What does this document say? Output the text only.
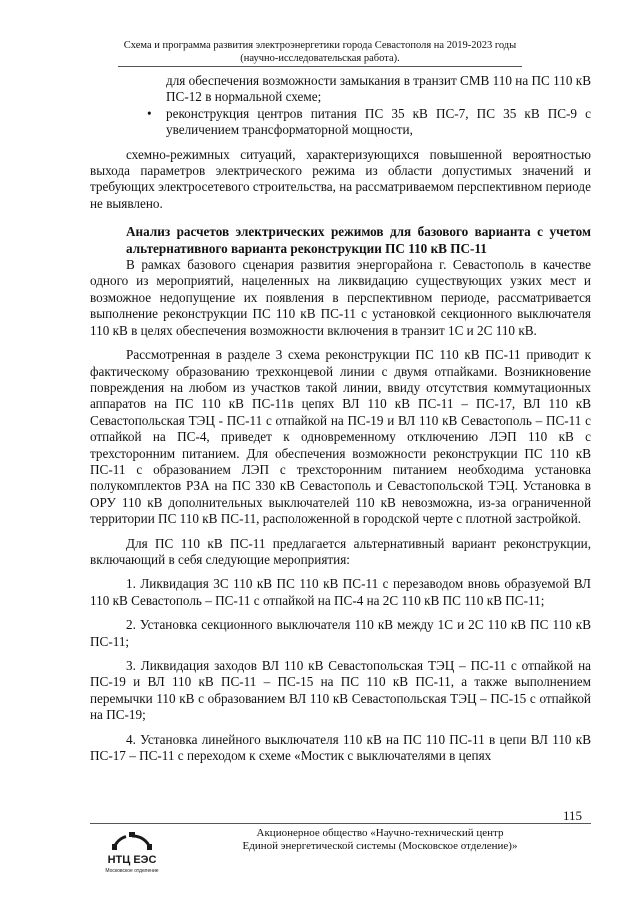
Схема и программа развития электроэнергетики города Севастополя на 2019-2023 годы
(научно-исследовательская работа).

для обеспечения возможности замыкания в транзит СМВ 110 на ПС 110 кВ ПС-12 в нормальной схеме;

• реконструкция центров питания ПС 35 кВ ПС-7, ПС 35 кВ ПС-9 с увеличением трансформаторной мощности,

схемно-режимных ситуаций, характеризующихся повышенной вероятностью выхода параметров электрического режима из области допустимых значений и требующих электросетевого строительства, на рассматриваемом перспективном периоде не выявлено.

Анализ расчетов электрических режимов для базового варианта с учетом альтернативного варианта реконструкции ПС 110 кВ ПС-11

В рамках базового сценария развития энергорайона г. Севастополь в качестве одного из мероприятий, нацеленных на ликвидацию существующих узких мест и возможное недопущение их появления в перспективном периоде, рассматривается выполнение реконструкции ПС 110 кВ ПС-11 с установкой секционного выключателя 110 кВ в целях обеспечения возможности включения в транзит 1С и 2С 110 кВ.

Рассмотренная в разделе 3 схема реконструкции ПС 110 кВ ПС-11 приводит к фактическому образованию трехконцевой линии с двумя отпайками. Возникновение повреждения на любом из участков такой линии, ввиду отсутствия коммутационных аппаратов на ПС 110 кВ ПС-11в цепях ВЛ 110 кВ ПС-11 – ПС-17, ВЛ 110 кВ Севастопольская ТЭЦ - ПС-11 с отпайкой на ПС-19 и ВЛ 110 кВ Севастополь – ПС-11 с отпайкой на ПС-4, приведет к одновременному отключению ЛЭП 110 кВ с трехсторонним питанием. Для обеспечения возможности реконструкции ПС 110 кВ ПС-11 с образованием ЛЭП с трехсторонним питанием необходима установка полукомплектов РЗА на ПС 330 кВ Севастополь и Севастопольской ТЭЦ. Установка в ОРУ 110 кВ дополнительных выключателей 110 кВ невозможна, из-за ограниченной территории ПС 110 кВ ПС-11, расположенной в городской черте с плотной застройкой.

Для ПС 110 кВ ПС-11 предлагается альтернативный вариант реконструкции, включающий в себя следующие мероприятия:

1. Ликвидация 3С 110 кВ ПС 110 кВ ПС-11 с перезаводом вновь образуемой ВЛ 110 кВ Севастополь – ПС-11 с отпайкой на ПС-4 на 2С 110 кВ ПС 110 кВ ПС-11;

2. Установка секционного выключателя 110 кВ между 1С и 2С 110 кВ ПС 110 кВ ПС-11;

3. Ликвидация заходов ВЛ 110 кВ Севастопольская ТЭЦ – ПС-11 с отпайкой на ПС-19 и ВЛ 110 кВ ПС-11 – ПС-15 на ПС 110 кВ ПС-11, а также выполнением перемычки 110 кВ с образованием ВЛ 110 кВ Севастопольская ТЭЦ – ПС-15 с отпайкой на ПС-19;

4. Установка линейного выключателя 110 кВ на ПС 110 ПС-11 в цепи ВЛ 110 кВ ПС-17 – ПС-11 с переходом к схеме «Мостик с выключателями в цепях

115
НТЦ ЕЭС
Московское отделение
Акционерное общество «Научно-технический центр
Единой энергетической системы (Московское отделение)»
